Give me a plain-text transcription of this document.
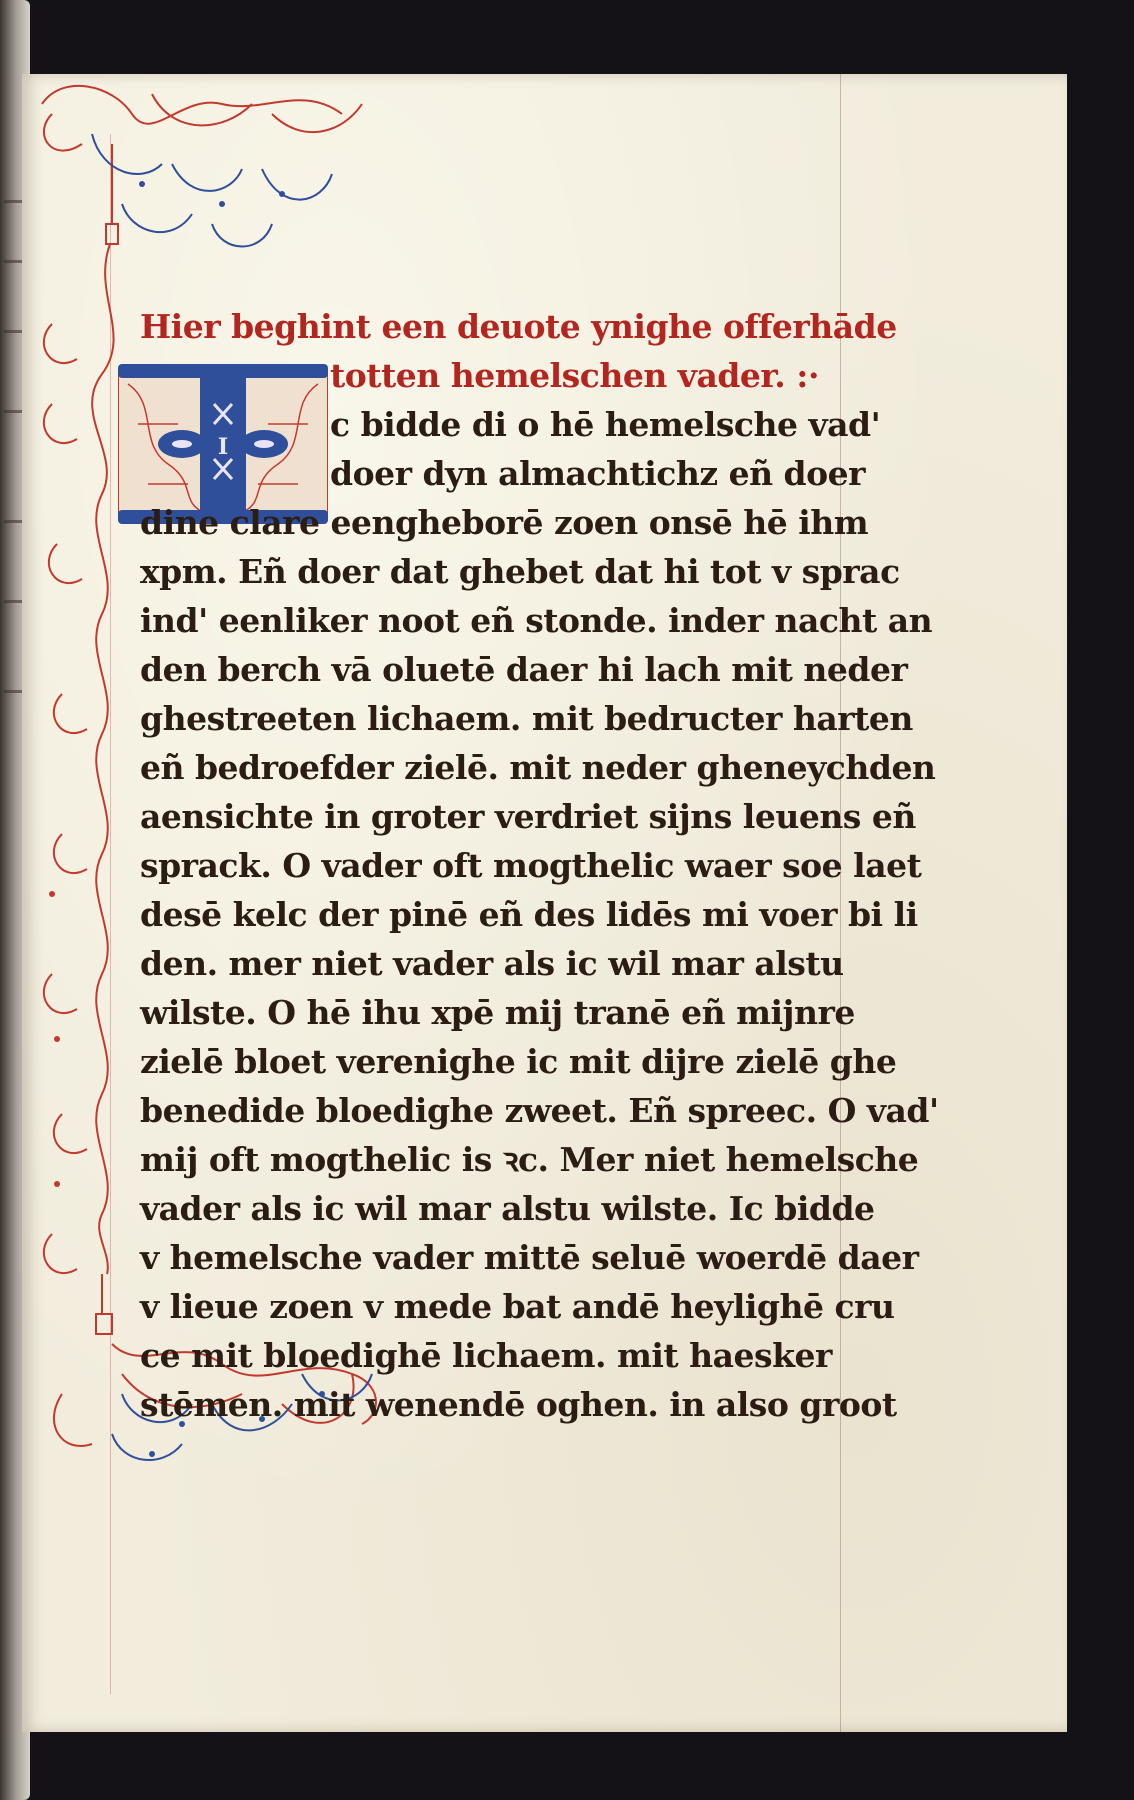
I
Hier beghint een deuote ynighe offerhāde
totten hemelschen vader. :·
c bidde di o hē hemelsche vad'
doer dyn almachtichz eñ doer
dine clare eengheborē zoen onsē hē ihm
xpm. Eñ doer dat ghebet dat hi tot v sprac
ind' eenliker noot eñ stonde. inder nacht an
den berch vā oluetē daer hi lach mit neder
ghestreeten lichaem. mit bedructer harten
eñ bedroefder zielē. mit neder gheneychden
aensichte in groter verdriet sijns leuens eñ
sprack. O vader oft mogthelic waer soe laet
desē kelc der pinē eñ des lidēs mi voer bi li
den. mer niet vader als ic wil mar alstu
wilste. O hē ihu xpē mij tranē eñ mijnre
zielē bloet verenighe ic mit dijre zielē ghe
benedide bloedighe zweet. Eñ spreec. O vad'
mij oft mogthelic is ꝛc. Mer niet hemelsche
vader als ic wil mar alstu wilste. Ic bidde
v hemelsche vader mittē seluē woerdē daer
v lieue zoen v mede bat andē heylighē cru
ce mit bloedighē lichaem. mit haesker
stēmen. mit wenendē oghen. in also groot
